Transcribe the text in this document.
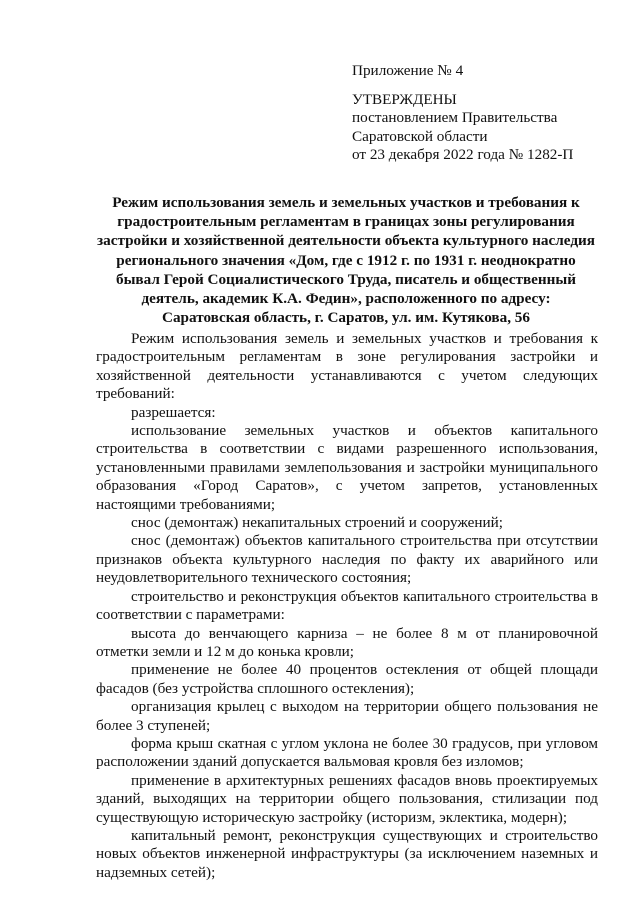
Приложение № 4
УТВЕРЖДЕНЫ
постановлением Правительства
Саратовской области
от 23 декабря 2022 года № 1282-П
Режим использования земель и земельных участков и требования к градостроительным регламентам в границах зоны регулирования застройки и хозяйственной деятельности объекта культурного наследия регионального значения «Дом, где с 1912 г. по 1931 г. неоднократно бывал Герой Социалистического Труда, писатель и общественный деятель, академик К.А. Федин», расположенного по адресу: Саратовская область, г. Саратов, ул. им. Кутякова, 56

Режим использования земель и земельных участков и требования к градостроительным регламентам в зоне регулирования застройки и хозяйственной деятельности устанавливаются с учетом следующих требований:

разрешается:

использование земельных участков и объектов капитального строительства в соответствии с видами разрешенного использования, установленными правилами землепользования и застройки муниципального образования «Город Саратов», с учетом запретов, установленных настоящими требованиями;

снос (демонтаж) некапитальных строений и сооружений;

снос (демонтаж) объектов капитального строительства при отсутствии признаков объекта культурного наследия по факту их аварийного или неудовлетворительного технического состояния;

строительство и реконструкция объектов капитального строительства в соответствии с параметрами:

высота до венчающего карниза – не более 8 м от планировочной отметки земли и 12 м до конька кровли;

применение не более 40 процентов остекления от общей площади фасадов (без устройства сплошного остекления);

организация крылец с выходом на территории общего пользования не более 3 ступеней;

форма крыш скатная с углом уклона не более 30 градусов, при угловом расположении зданий допускается вальмовая кровля без изломов;

применение в архитектурных решениях фасадов вновь проектируемых зданий, выходящих на территории общего пользования, стилизации под существующую историческую застройку (историзм, эклектика, модерн);

капитальный ремонт, реконструкция существующих и строительство новых объектов инженерной инфраструктуры (за исключением наземных и надземных сетей);
